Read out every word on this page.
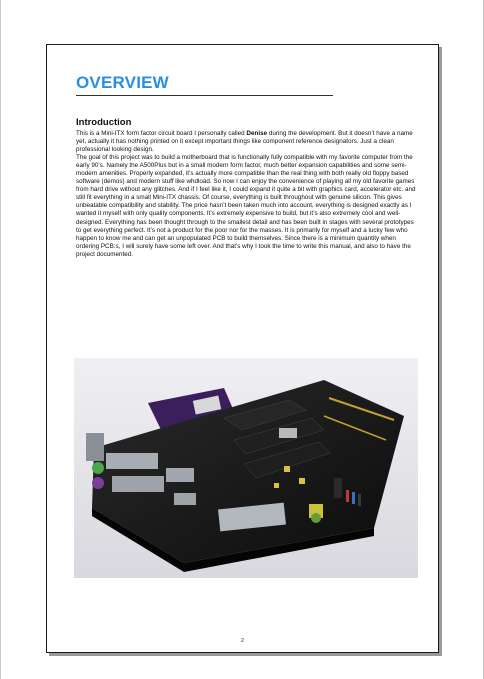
OVERVIEW
Introduction

This is a Mini-ITX form factor circuit board I personally called Denise during the development. But it doesn’t have a name yet, actually it has nothing printed on it except important things like component reference designators. Just a clean professional looking design.

The goal of this project was to build a motherboard that is functionally fully compatible with my favorite computer from the early 90’s. Namely the A500Plus but in a small modern form factor, much better expansion capabilities and some semi-modern amenities. Properly expanded, it’s actually more compatible than the real thing with both really old floppy based software (demos) and modern stuff like whdload. So now I can enjoy the convenience of playing all my old favorite games from hard drive without any glitches. And if I feel like it, I could expand it quite a bit with graphics card, accelerator etc. and still fit everything in a small Mini-ITX chassis. Of course, everything is built throughout with genuine silicon. This gives unbeatable compatibility and stability. The price hasn’t been taken much into account, everything is designed exactly as I wanted it myself with only quality components. It’s extremely expensive to build, but it’s also extremely cool and well-designed. Everything has been thought through to the smallest detail and has been built in stages with several prototypes to get everything perfect. It’s not a product for the poor nor for the masses. It is primarily for myself and a lucky few who happen to know me and can get an unpopulated PCB to build themselves. Since there is a minimum quantity when ordering PCB:s, I will surely have some left over. And that’s why I took the time to write this manual, and also to have the project documented.

2
